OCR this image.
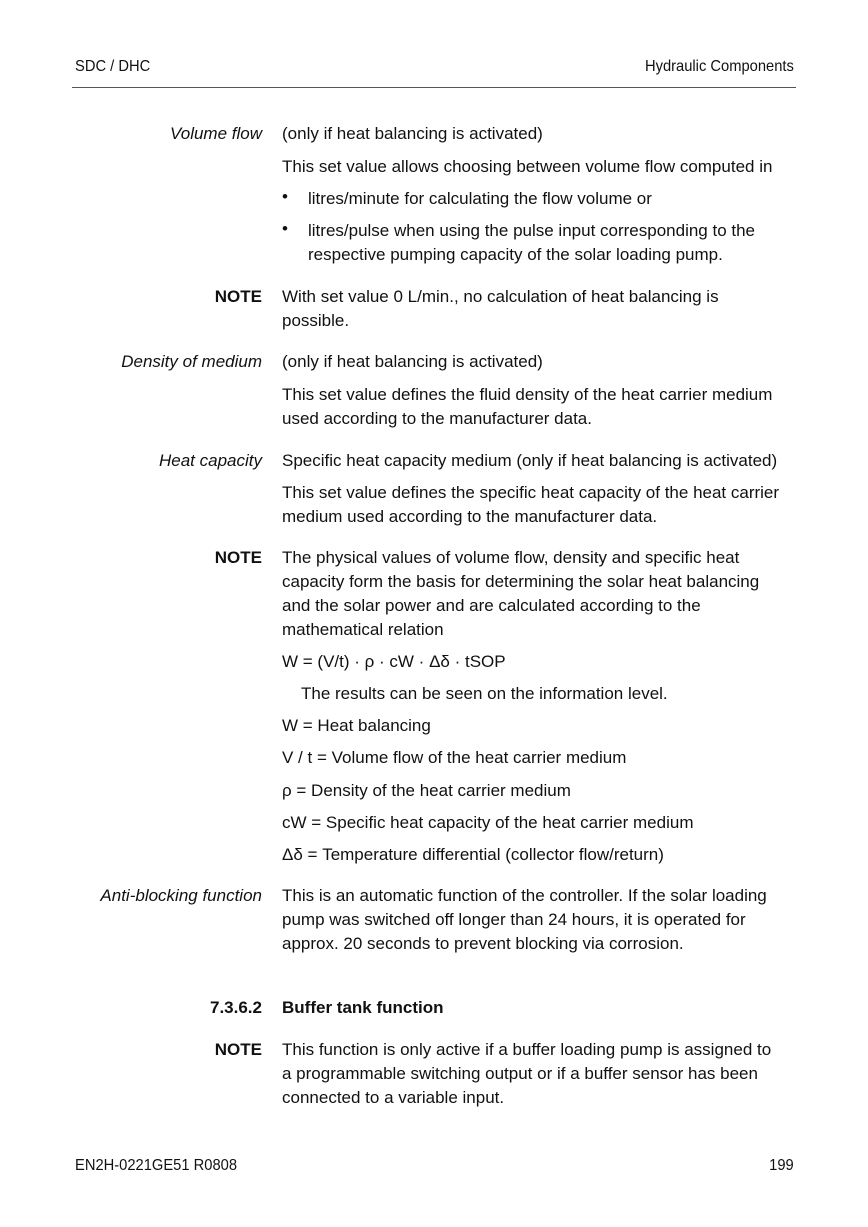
SDC / DHC	Hydraulic Components
Volume flow (only if heat balancing is activated)
This set value allows choosing between volume flow computed in
• litres/minute for calculating the flow volume or
• litres/pulse when using the pulse input corresponding to the
respective pumping capacity of the solar loading pump.
NOTE With set value 0 L/min., no calculation of heat balancing is
possible.
Density of medium (only if heat balancing is activated)
This set value defines the fluid density of the heat carrier medium
used according to the manufacturer data.
Heat capacity Specific heat capacity medium (only if heat balancing is activated)
This set value defines the specific heat capacity of the heat carrier
medium used according to the manufacturer data.
NOTE The physical values of volume flow, density and specific heat
capacity form the basis for determining the solar heat balancing
and the solar power and are calculated according to the
mathematical relation
W = (V/t) · ρ · cW · Δδ · tSOP
The results can be seen on the information level.
W = Heat balancing
V / t = Volume flow of the heat carrier medium
ρ = Density of the heat carrier medium
cW = Specific heat capacity of the heat carrier medium
Δδ = Temperature differential (collector flow/return)
Anti-blocking function This is an automatic function of the controller. If the solar loading
pump was switched off longer than 24 hours, it is operated for
approx. 20 seconds to prevent blocking via corrosion.
7.3.6.2 Buffer tank function
NOTE This function is only active if a buffer loading pump is assigned to
a programmable switching output or if a buffer sensor has been
connected to a variable input.
EN2H-0221GE51 R0808	199
